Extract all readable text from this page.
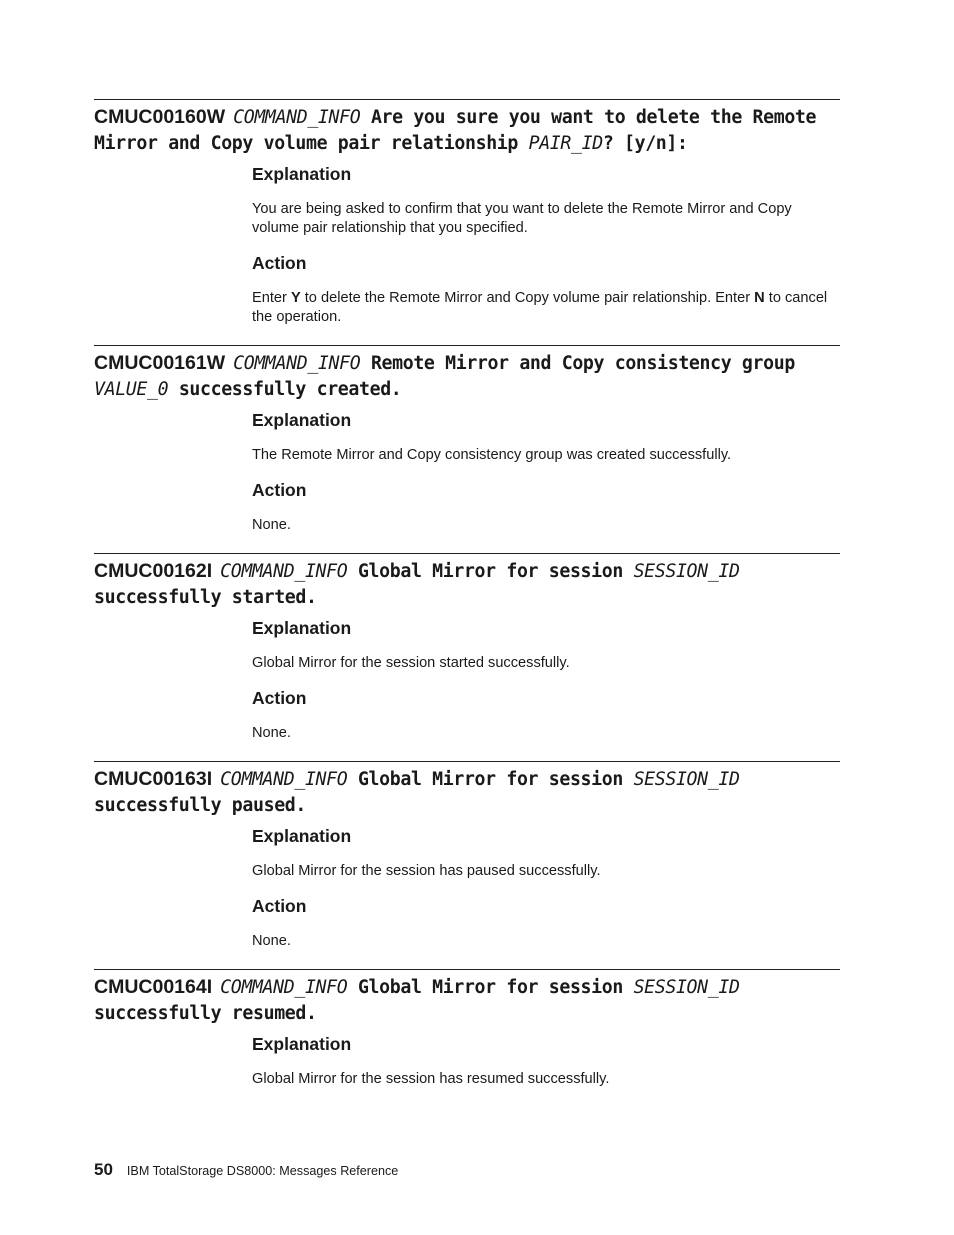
CMUC00160W COMMAND_INFO Are you sure you want to delete the Remote Mirror and Copy volume pair relationship PAIR_ID? [y/n]:
Explanation
You are being asked to confirm that you want to delete the Remote Mirror and Copy volume pair relationship that you specified.
Action
Enter Y to delete the Remote Mirror and Copy volume pair relationship. Enter N to cancel the operation.
CMUC00161W COMMAND_INFO Remote Mirror and Copy consistency group VALUE_0 successfully created.
Explanation
The Remote Mirror and Copy consistency group was created successfully.
Action
None.
CMUC00162I COMMAND_INFO Global Mirror for session SESSION_ID successfully started.
Explanation
Global Mirror for the session started successfully.
Action
None.
CMUC00163I COMMAND_INFO Global Mirror for session SESSION_ID successfully paused.
Explanation
Global Mirror for the session has paused successfully.
Action
None.
CMUC00164I COMMAND_INFO Global Mirror for session SESSION_ID successfully resumed.
Explanation
Global Mirror for the session has resumed successfully.
50 IBM TotalStorage DS8000: Messages Reference
